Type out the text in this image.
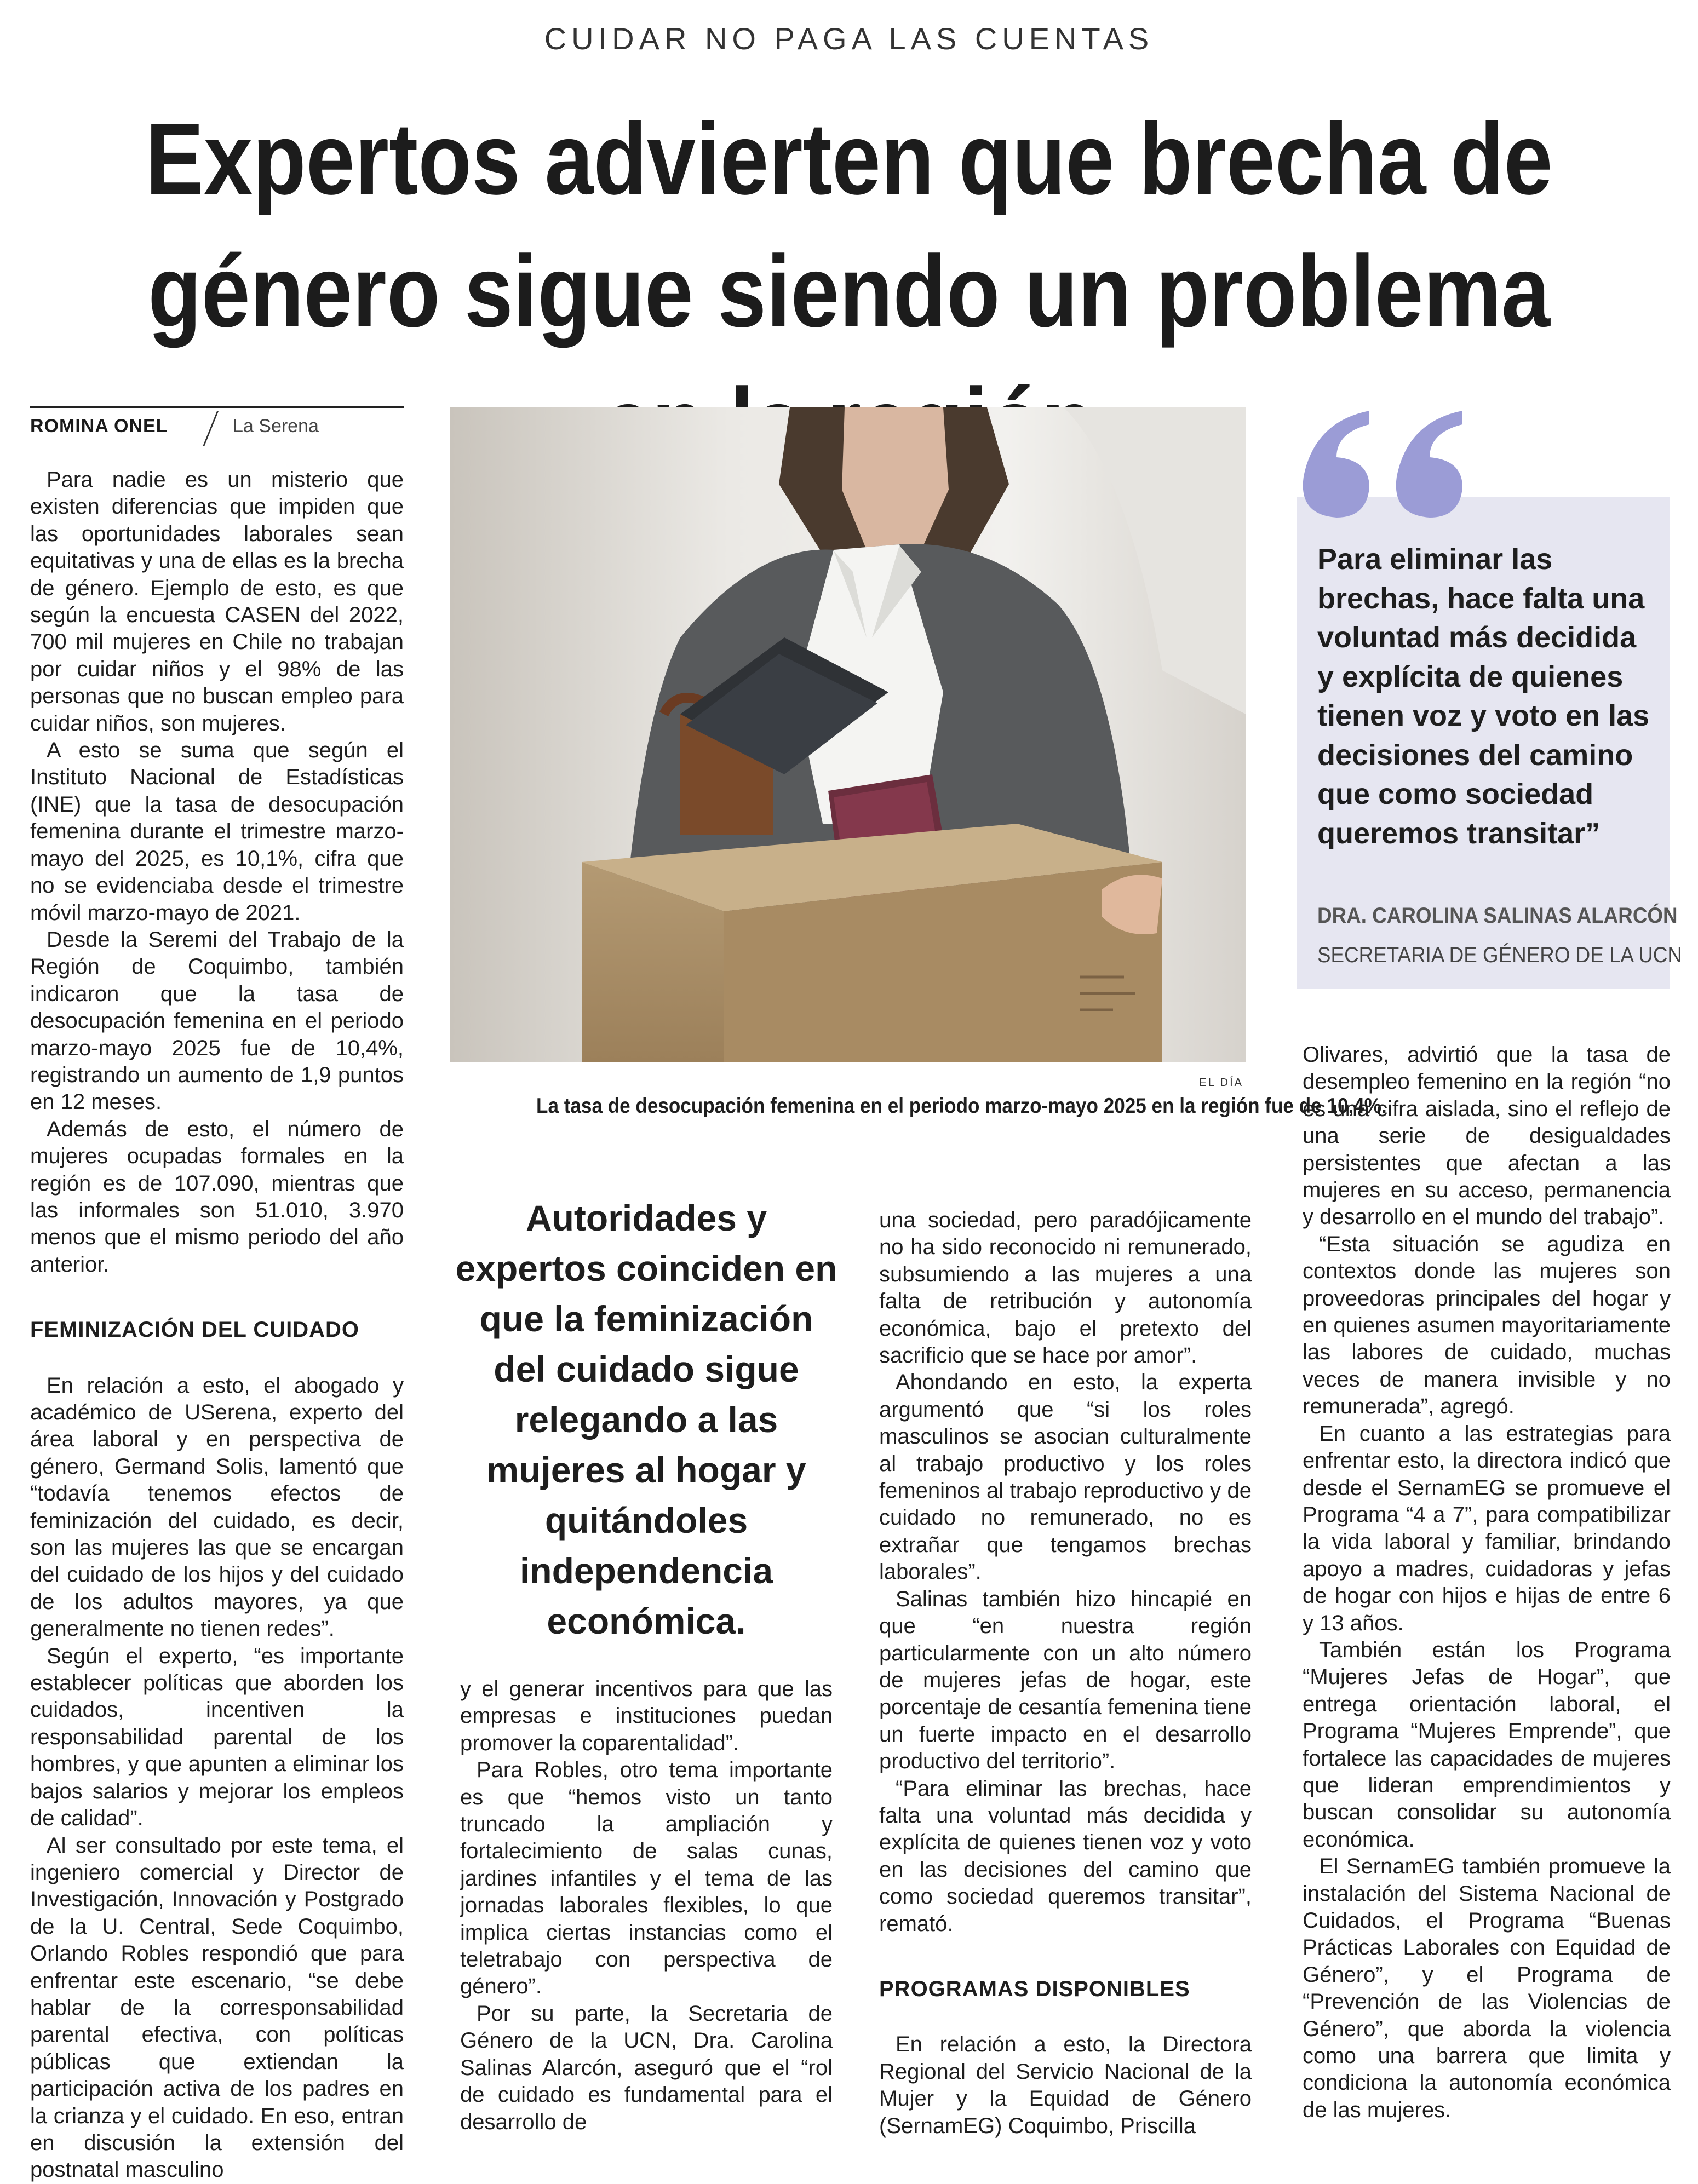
CUIDAR NO PAGA LAS CUENTAS
Expertos advierten que brecha de género sigue siendo un problema
ROMINA ONEL	La Serena

Para nadie es un misterio que existen diferencias que impiden que las oportunidades laborales sean equitativas y una de ellas es la brecha de género. Ejemplo de esto, es que según la encuesta CASEN del 2022, 700 mil mujeres en Chile no trabajan por cuidar niños y el 98% de las personas que no buscan empleo para cuidar niños, son mujeres.

A esto se suma que según el Instituto Nacional de Estadísticas (INE) que la tasa de desocupación femenina durante el trimestre marzo-mayo del 2025, es 10,1%, cifra que no se evidenciaba desde el trimestre móvil marzo-mayo de 2021.

Desde la Seremi del Trabajo de la Región de Coquimbo, también indicaron que la tasa de desocupación femenina en el periodo marzo-mayo 2025 fue de 10,4%, registrando un aumento de 1,9 puntos en 12 meses.

Además de esto, el número de mujeres ocupadas formales en la región es de 107.090, mientras que las informales son 51.010, 3.970 menos que el mismo periodo del año anterior.

FEMINIZACIÓN DEL CUIDADO

En relación a esto, el abogado y académico de USerena, experto del área laboral y en perspectiva de género, Germand Solis, lamentó que “todavía tenemos efectos de feminización del cuidado, es decir, son las mujeres las que se encargan del cuidado de los hijos y del cuidado de los adultos mayores, ya que generalmente no tienen redes”.

Según el experto, “es importante establecer políticas que aborden los cuidados, incentiven la responsabilidad parental de los hombres, y que apunten a eliminar los bajos salarios y mejorar los empleos de calidad”.

Al ser consultado por este tema, el ingeniero comercial y Director de Investigación, Innovación y Postgrado de la U. Central, Sede Coquimbo, Orlando Robles respondió que para enfrentar este escenario, “se debe hablar de la corresponsabilidad parental efectiva, con políticas públicas que extiendan la participación activa de los padres en la crianza y el cuidado. En eso, entran en discusión la extensión del postnatal masculino

EL DÍA
La tasa de desocupación femenina en el periodo marzo-mayo 2025 en la región fue de 10,4%.

Para eliminar las brechas, hace falta una voluntad más decidida y explícita de quienes tienen voz y voto en las decisiones del camino que como sociedad queremos transitar”

DRA. CAROLINA SALINAS ALARCÓN
SECRETARIA DE GÉNERO DE LA UCN

Autoridades y expertos coinciden en que la feminización del cuidado sigue relegando a las mujeres al hogar y quitándoles independencia económica.

y el generar incentivos para que las empresas e instituciones puedan promover la coparentalidad”.

Para Robles, otro tema importante es que “hemos visto un tanto truncado la ampliación y fortalecimiento de salas cunas, jardines infantiles y el tema de las jornadas laborales flexibles, lo que implica ciertas instancias como el teletrabajo con perspectiva de género”.

Por su parte, la Secretaria de Género de la UCN, Dra. Carolina Salinas Alarcón, aseguró que el “rol de cuidado es fundamental para el desarrollo de

una sociedad, pero paradójicamente no ha sido reconocido ni remunerado, subsumiendo a las mujeres a una falta de retribución y autonomía económica, bajo el pretexto del sacrificio que se hace por amor”.

Ahondando en esto, la experta argumentó que “si los roles masculinos se asocian culturalmente al trabajo productivo y los roles femeninos al trabajo reproductivo y de cuidado no remunerado, no es extrañar que tengamos brechas laborales”.

Salinas también hizo hincapié en que “en nuestra región particularmente con un alto número de mujeres jefas de hogar, este porcentaje de cesantía femenina tiene un fuerte impacto en el desarrollo productivo del territorio”.

“Para eliminar las brechas, hace falta una voluntad más decidida y explícita de quienes tienen voz y voto en las decisiones del camino que como sociedad queremos transitar”, remató.

PROGRAMAS DISPONIBLES

En relación a esto, la Directora Regional del Servicio Nacional de la Mujer y la Equidad de Género (SernamEG) Coquimbo, Priscilla

Olivares, advirtió que la tasa de desempleo femenino en la región “no es una cifra aislada, sino el reflejo de una serie de desigualdades persistentes que afectan a las mujeres en su acceso, permanencia y desarrollo en el mundo del trabajo”.

“Esta situación se agudiza en contextos donde las mujeres son proveedoras principales del hogar y en quienes asumen mayoritariamente las labores de cuidado, muchas veces de manera invisible y no remunerada”, agregó.

En cuanto a las estrategias para enfrentar esto, la directora indicó que desde el SernamEG se promueve el Programa “4 a 7”, para compatibilizar la vida laboral y familiar, brindando apoyo a madres, cuidadoras y jefas de hogar con hijos e hijas de entre 6 y 13 años.

También están los Programa “Mujeres Jefas de Hogar”, que entrega orientación laboral, el Programa “Mujeres Emprende”, que fortalece las capacidades de mujeres que lideran emprendimientos y buscan consolidar su autonomía económica.

El SernamEG también promueve la instalación del Sistema Nacional de Cuidados, el Programa “Buenas Prácticas Laborales con Equidad de Género”, y el Programa de “Prevención de las Violencias de Género”, que aborda la violencia como una barrera que limita y condiciona la autonomía económica de las mujeres.
